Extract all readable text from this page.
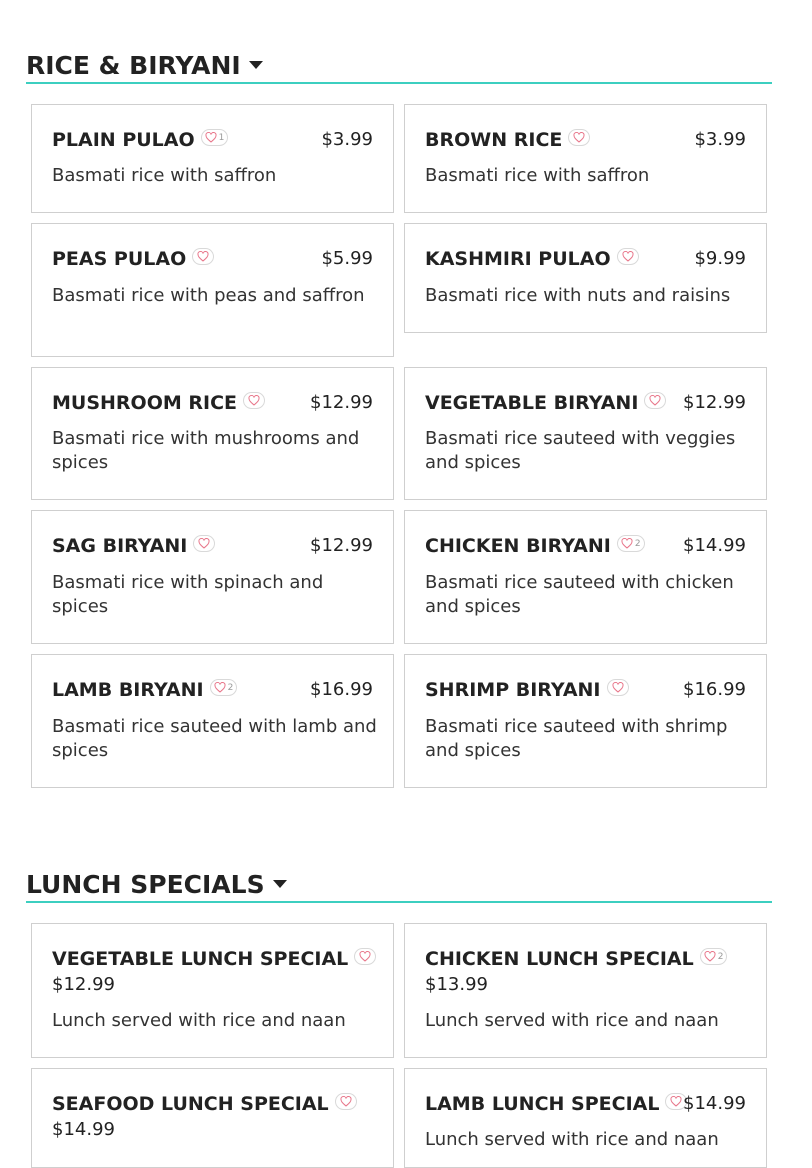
RICE & BIRYANI
PLAIN PULAO	1	$3.99
Basmati rice with saffron
BROWN RICE	$3.99
Basmati rice with saffron
PEAS PULAO	$5.99
Basmati rice with peas and saffron
KASHMIRI PULAO	$9.99
Basmati rice with nuts and raisins
MUSHROOM RICE	$12.99
Basmati rice with mushrooms and spices
VEGETABLE BIRYANI	$12.99
Basmati rice sauteed with veggies and spices
SAG BIRYANI	$12.99
Basmati rice with spinach and spices
CHICKEN BIRYANI	2 $14.99
Basmati rice sauteed with chicken and spices
LAMB BIRYANI	2	$16.99
Basmati rice sauteed with lamb and spices
SHRIMP BIRYANI	$16.99
Basmati rice sauteed with shrimp and spices
LUNCH SPECIALS
VEGETABLE LUNCH SPECIAL
$12.99
Lunch served with rice and naan
CHICKEN LUNCH SPECIAL	2
$13.99
Lunch served with rice and naan
SEAFOOD LUNCH SPECIAL
$14.99
LAMB LUNCH SPECIAL	$14.99
Lunch served with rice and naan
